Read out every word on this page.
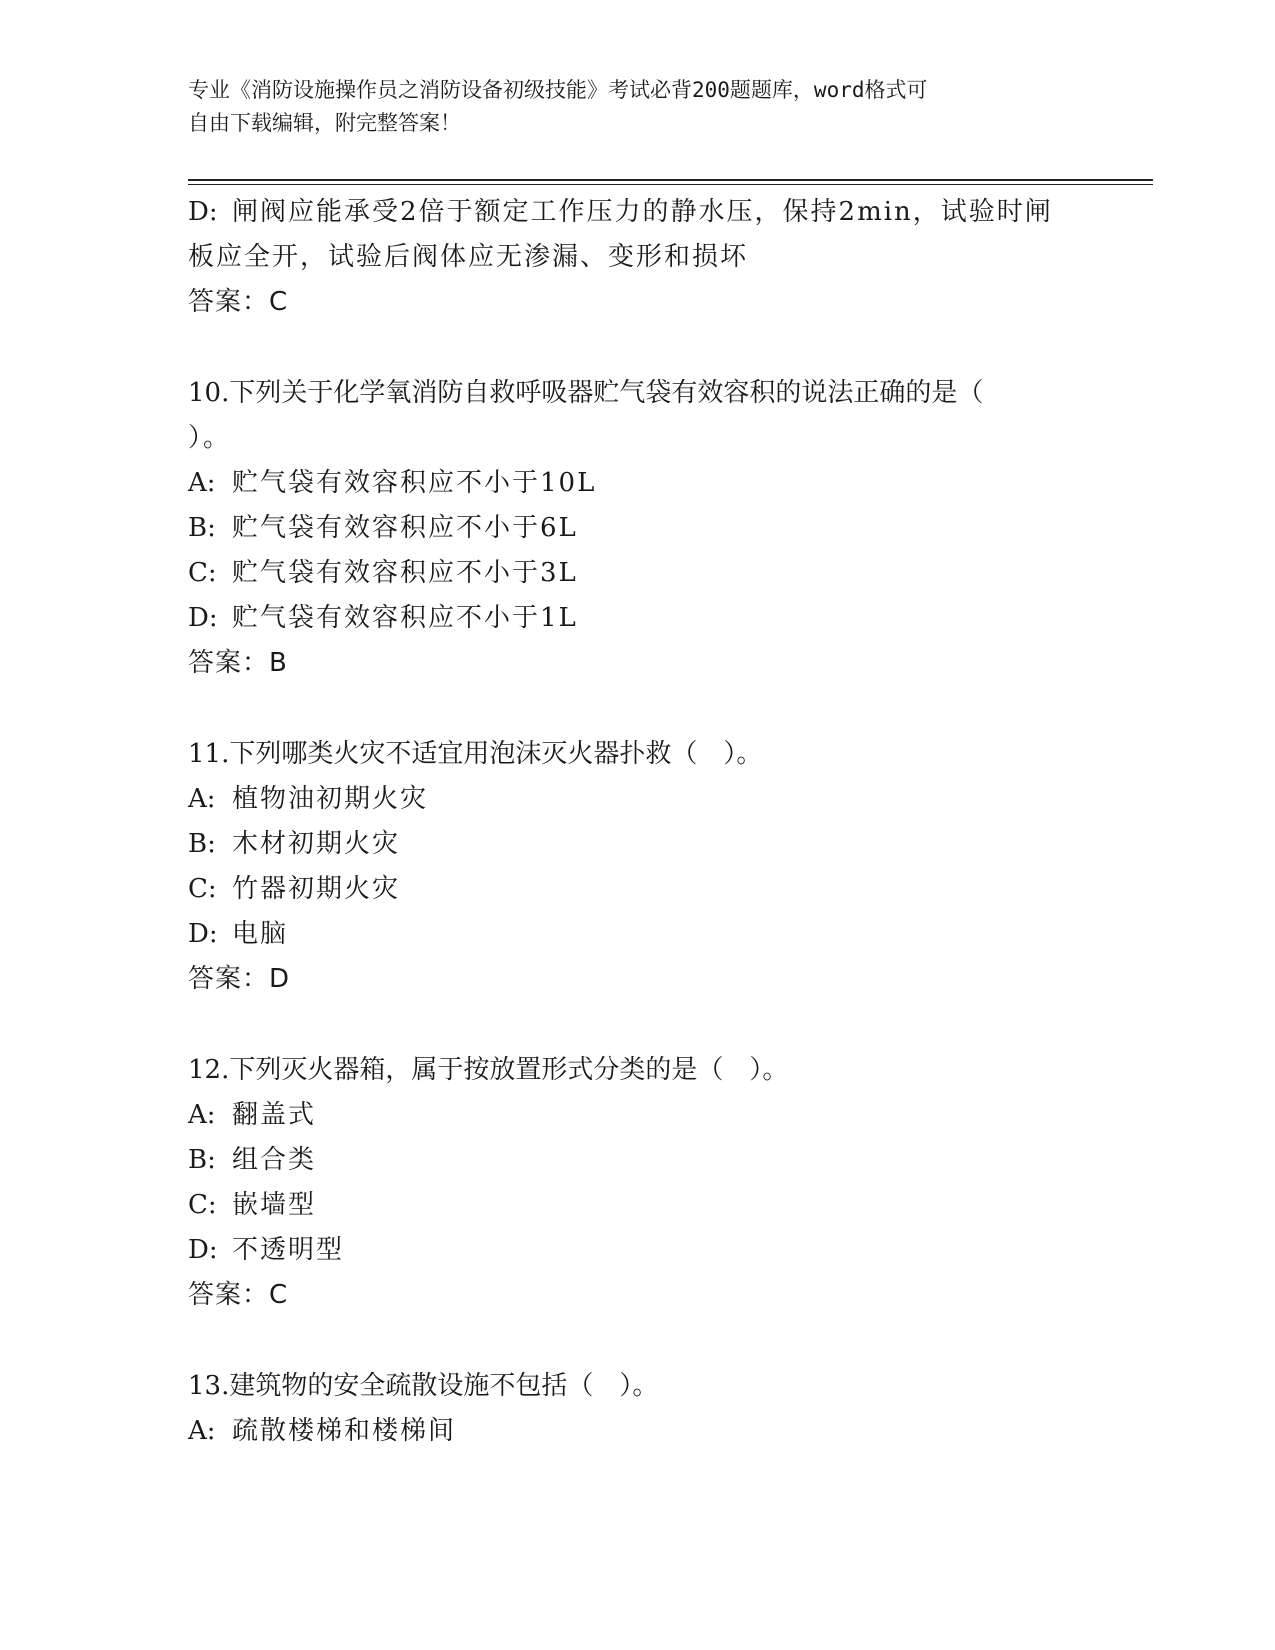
专业《消防设施操作员之消防设备初级技能》考试必背200题题库，word格式可
自由下载编辑，附完整答案！
D: 闸阀应能承受2倍于额定工作压力的静水压，保持2min，试验时闸
板应全开，试验后阀体应无渗漏、变形和损坏
答案：C
10.下列关于化学氧消防自救呼吸器贮气袋有效容积的说法正确的是（
）。
A: 贮气袋有效容积应不小于10L
B: 贮气袋有效容积应不小于6L
C: 贮气袋有效容积应不小于3L
D: 贮气袋有效容积应不小于1L
答案：B
11.下列哪类火灾不适宜用泡沫灭火器扑救（　）。
A: 植物油初期火灾
B: 木材初期火灾
C: 竹器初期火灾
D: 电脑
答案：D
12.下列灭火器箱，属于按放置形式分类的是（　）。
A: 翻盖式
B: 组合类
C: 嵌墙型
D: 不透明型
答案：C
13.建筑物的安全疏散设施不包括（　）。
A: 疏散楼梯和楼梯间
